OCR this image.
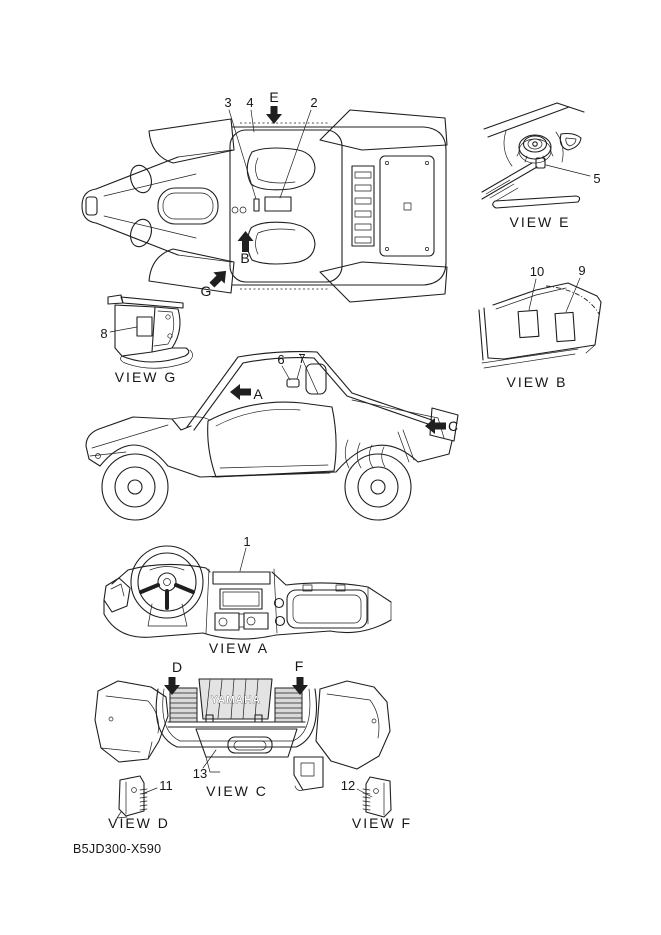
3 4	2
E
B
G
5
VIEW E
10	9
VIEW B
8
VIEW G
6 7
A
C
1
VIEW A
YAMAHA
D	F
13
VIEW C
11
VIEW D
12
VIEW F
B5JD300-X590
